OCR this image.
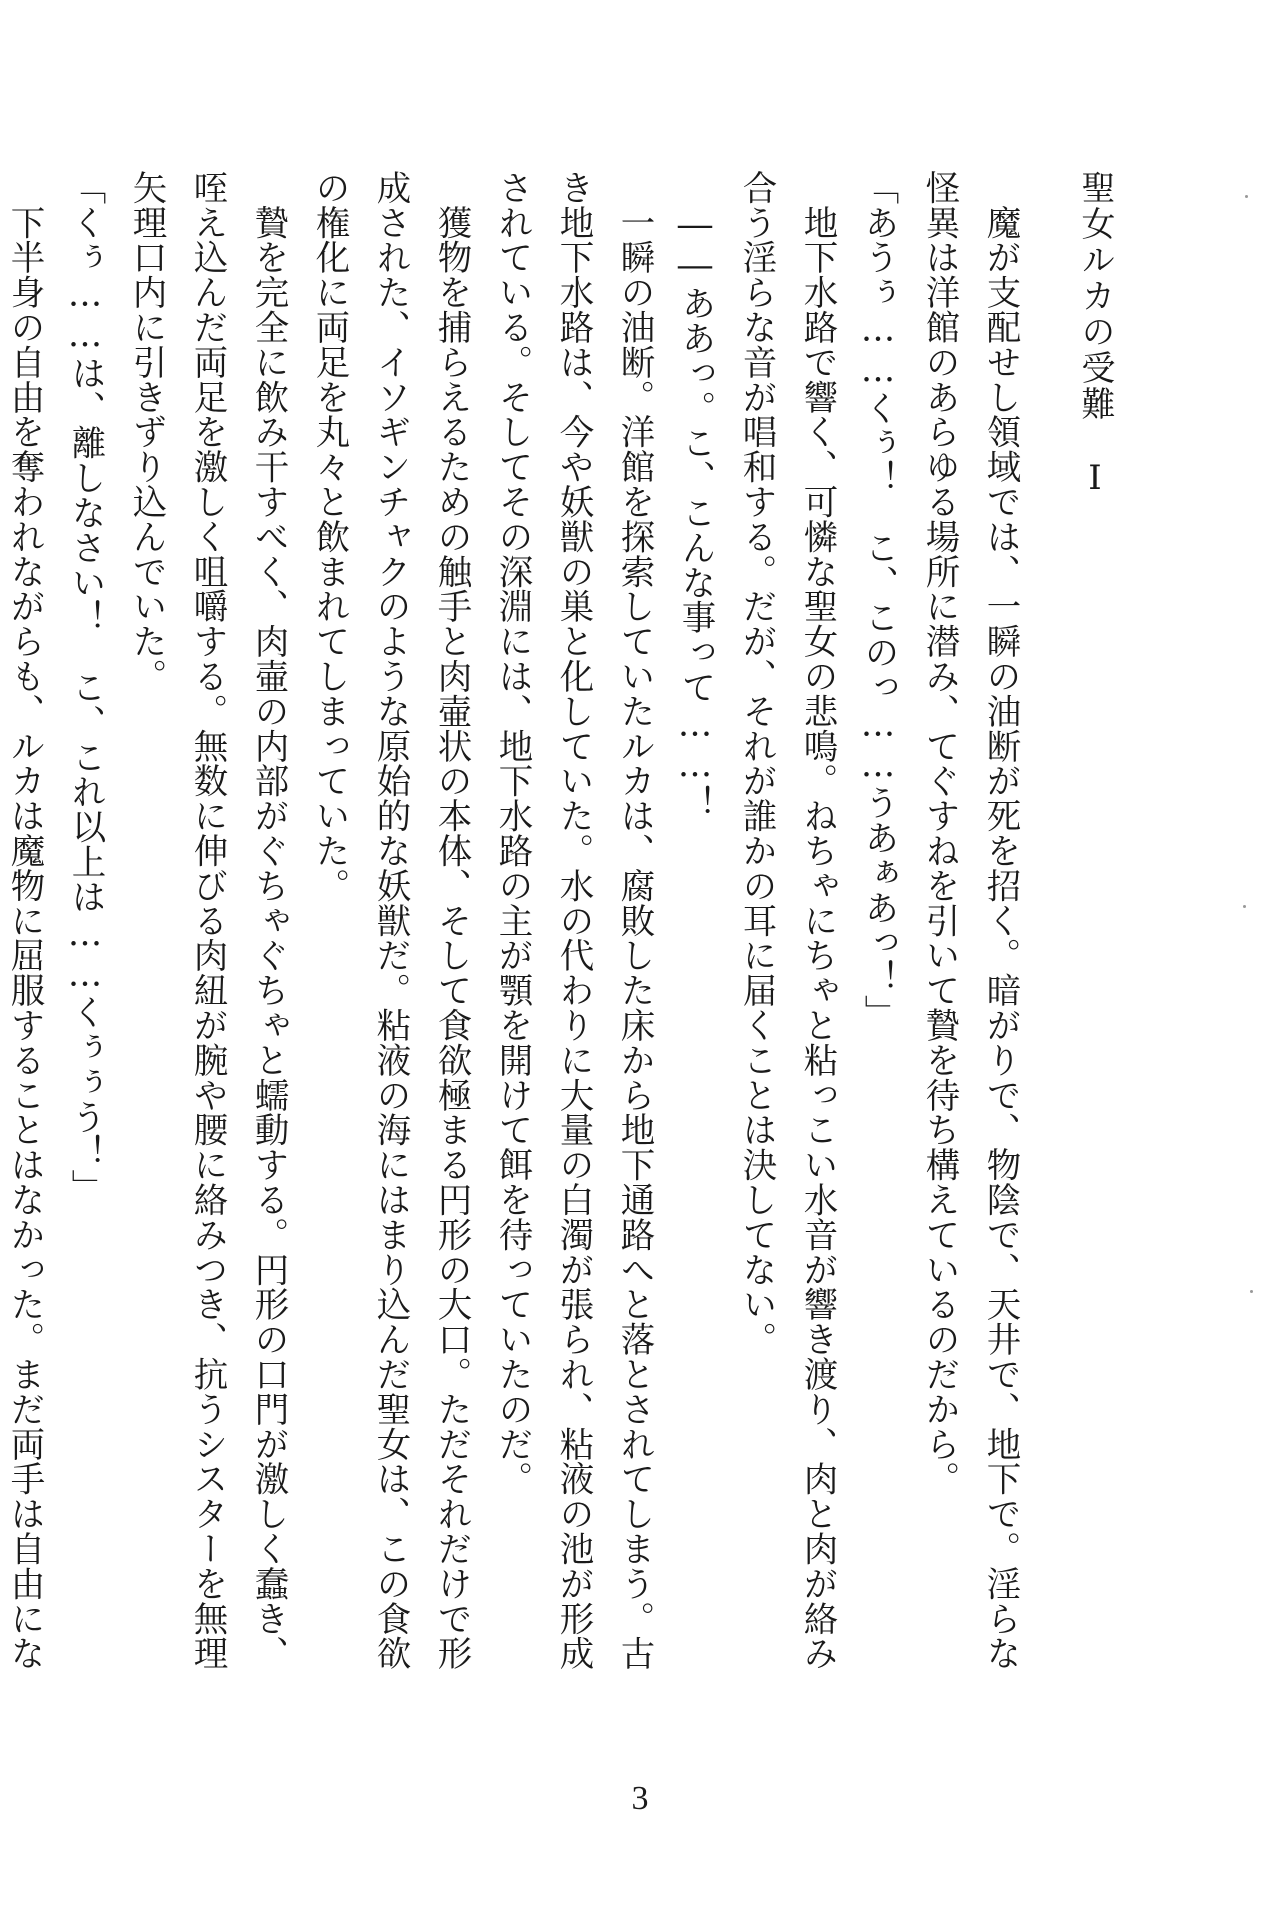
聖女ルカの受難　I

　魔が支配せし領域では、一瞬の油断が死を招く。暗がりで、物陰で、天井で、地下で。淫らな怪異は洋館のあらゆる場所に潜み、てぐすねを引いて贄を待ち構えているのだから。

「あうぅ……くぅ！　こ、このっ……うあぁあっ！」

　地下水路で響く、可憐な聖女の悲鳴。ねちゃにちゃと粘っこい水音が響き渡り、肉と肉が絡み合う淫らな音が唱和する。だが、それが誰かの耳に届くことは決してない。

　――ああっ。こ、こんな事って……！

　一瞬の油断。洋館を探索していたルカは、腐敗した床から地下通路へと落とされてしまう。古き地下水路は、今や妖獣の巣と化していた。水の代わりに大量の白濁が張られ、粘液の池が形成されている。そしてその深淵には、地下水路の主が顎を開けて餌を待っていたのだ。

　獲物を捕らえるための触手と肉壷状の本体、そして食欲極まる円形の大口。ただそれだけで形成された、イソギンチャクのような原始的な妖獣だ。粘液の海にはまり込んだ聖女は、この食欲の権化に両足を丸々と飲まれてしまっていた。

　贄を完全に飲み干すべく、肉壷の内部がぐちゃぐちゃと蠕動する。円形の口門が激しく蠢き、咥え込んだ両足を激しく咀嚼する。無数に伸びる肉紐が腕や腰に絡みつき、抗うシスターを無理矢理口内に引きずり込んでいた。

「くぅ……は、離しなさい！　こ、これ以上は……くぅぅう！」

　下半身の自由を奪われながらも、ルカは魔物に屈服することはなかった。まだ両手は自由にな

3
